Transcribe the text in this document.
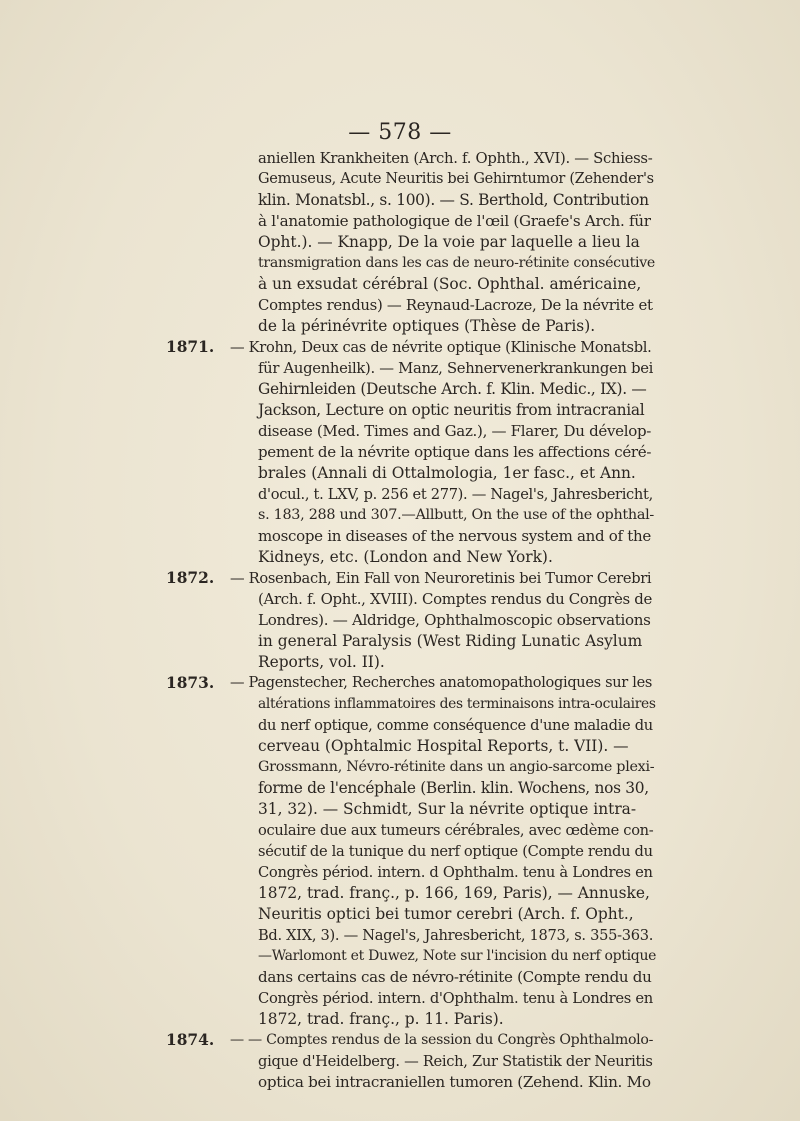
— 578 —
aniellen Krankheiten (Arch. f. Ophth., XVI). — Schiess-
Gemuseus, Acute Neuritis bei Gehirntumor (Zehender's
klin. Monatsbl., s. 100). — S. Berthold, Contribution
à l'anatomie pathologique de l'œil (Graefe's Arch. für
Opht.). — Knapp, De la voie par laquelle a lieu la
transmigration dans les cas de neuro-rétinite consécutive
à un exsudat cérébral (Soc. Ophthal. américaine,
Comptes rendus) — Reynaud-Lacroze, De la névrite et
de la périnévrite optiques (Thèse de Paris).
1871.	— Krohn, Deux cas de névrite optique (Klinische Monatsbl.
für Augenheilk). — Manz, Sehnervenerkrankungen bei
Gehirnleiden (Deutsche Arch. f. Klin. Medic., IX). —
Jackson, Lecture on optic neuritis from intracranial
disease (Med. Times and Gaz.), — Flarer, Du dévelop-
pement de la névrite optique dans les affections céré-
brales (Annali di Ottalmologia, 1er fasc., et Ann.
d'ocul., t. LXV, p. 256 et 277). — Nagel's, Jahresbericht,
s. 183, 288 und 307.—Allbutt, On the use of the ophthal-
moscope in diseases of the nervous system and of the
Kidneys, etc. (London and New York).
1872.	— Rosenbach, Ein Fall von Neuroretinis bei Tumor Cerebri
(Arch. f. Opht., XVIII). Comptes rendus du Congrès de
Londres). — Aldridge, Ophthalmoscopic observations
in general Paralysis (West Riding Lunatic Asylum
Reports, vol. II).
1873.	— Pagenstecher, Recherches anatomopathologiques sur les
altérations inflammatoires des terminaisons intra-oculaires
du nerf optique, comme conséquence d'une maladie du
cerveau (Ophtalmic Hospital Reports, t. VII). —
Grossmann, Névro-rétinite dans un angio-sarcome plexi-
forme de l'encéphale (Berlin. klin. Wochens, nos 30,
31, 32). — Schmidt, Sur la névrite optique intra-
oculaire due aux tumeurs cérébrales, avec œdème con-
sécutif de la tunique du nerf optique (Compte rendu du
Congrès périod. intern. d Ophthalm. tenu à Londres en
1872, trad. franç., p. 166, 169, Paris), — Annuske,
Neuritis optici bei tumor cerebri (Arch. f. Opht.,
Bd. XIX, 3). — Nagel's, Jahresbericht, 1873, s. 355-363.
—Warlomont et Duwez, Note sur l'incision du nerf optique
dans certains cas de névro-rétinite (Compte rendu du
Congrès périod. intern. d'Ophthalm. tenu à Londres en
1872, trad. franç., p. 11. Paris).
1874.	— — Comptes rendus de la session du Congrès Ophthalmolo-
gique d'Heidelberg. — Reich, Zur Statistik der Neuritis
optica bei intracraniellen tumoren (Zehend. Klin. Mo
